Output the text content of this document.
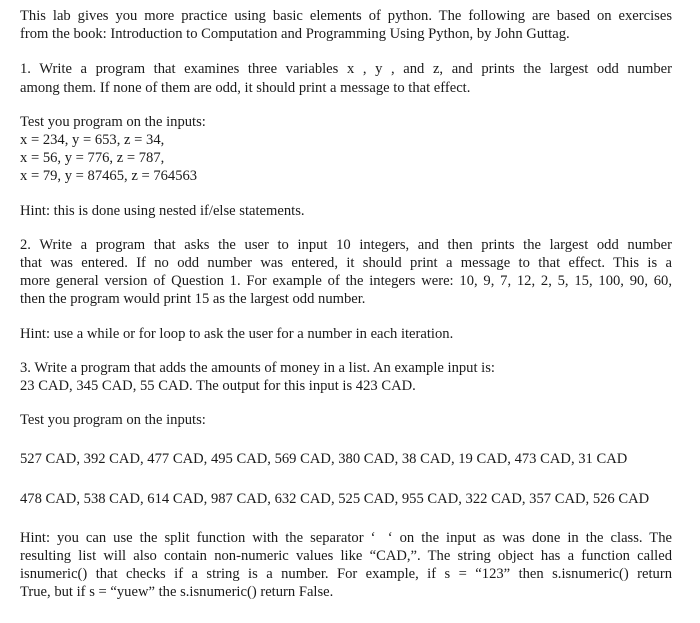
This lab gives you more practice using basic elements of python. The following are based on exercises
from the book: Introduction to Computation and Programming Using Python, by John Guttag.
1. Write a program that examines three variables x , y , and z, and prints the largest odd number
among them. If none of them are odd, it should print a message to that effect.
Test you program on the inputs:
x = 234, y = 653, z = 34,
x = 56, y = 776, z = 787,
x = 79, y = 87465, z = 764563
Hint: this is done using nested if/else statements.
2. Write a program that asks the user to input 10 integers, and then prints the largest odd number
that was entered. If no odd number was entered, it should print a message to that effect. This is a
more general version of Question 1. For example of the integers were: 10, 9, 7, 12, 2, 5, 15, 100, 90, 60,
then the program would print 15 as the largest odd number.
Hint: use a while or for loop to ask the user for a number in each iteration.
3. Write a program that adds the amounts of money in a list. An example input is:
23 CAD, 345 CAD, 55 CAD. The output for this input is 423 CAD.
Test you program on the inputs:
527 CAD, 392 CAD, 477 CAD, 495 CAD, 569 CAD, 380 CAD, 38 CAD, 19 CAD, 473 CAD, 31 CAD
478 CAD, 538 CAD, 614 CAD, 987 CAD, 632 CAD, 525 CAD, 955 CAD, 322 CAD, 357 CAD, 526 CAD
Hint: you can use the split function with the separator ‘ ‘ on the input as was done in the class. The
resulting list will also contain non-numeric values like “CAD,”. The string object has a function called
isnumeric() that checks if a string is a number. For example, if s = “123” then s.isnumeric() return
True, but if s = “yuew” the s.isnumeric() return False.
